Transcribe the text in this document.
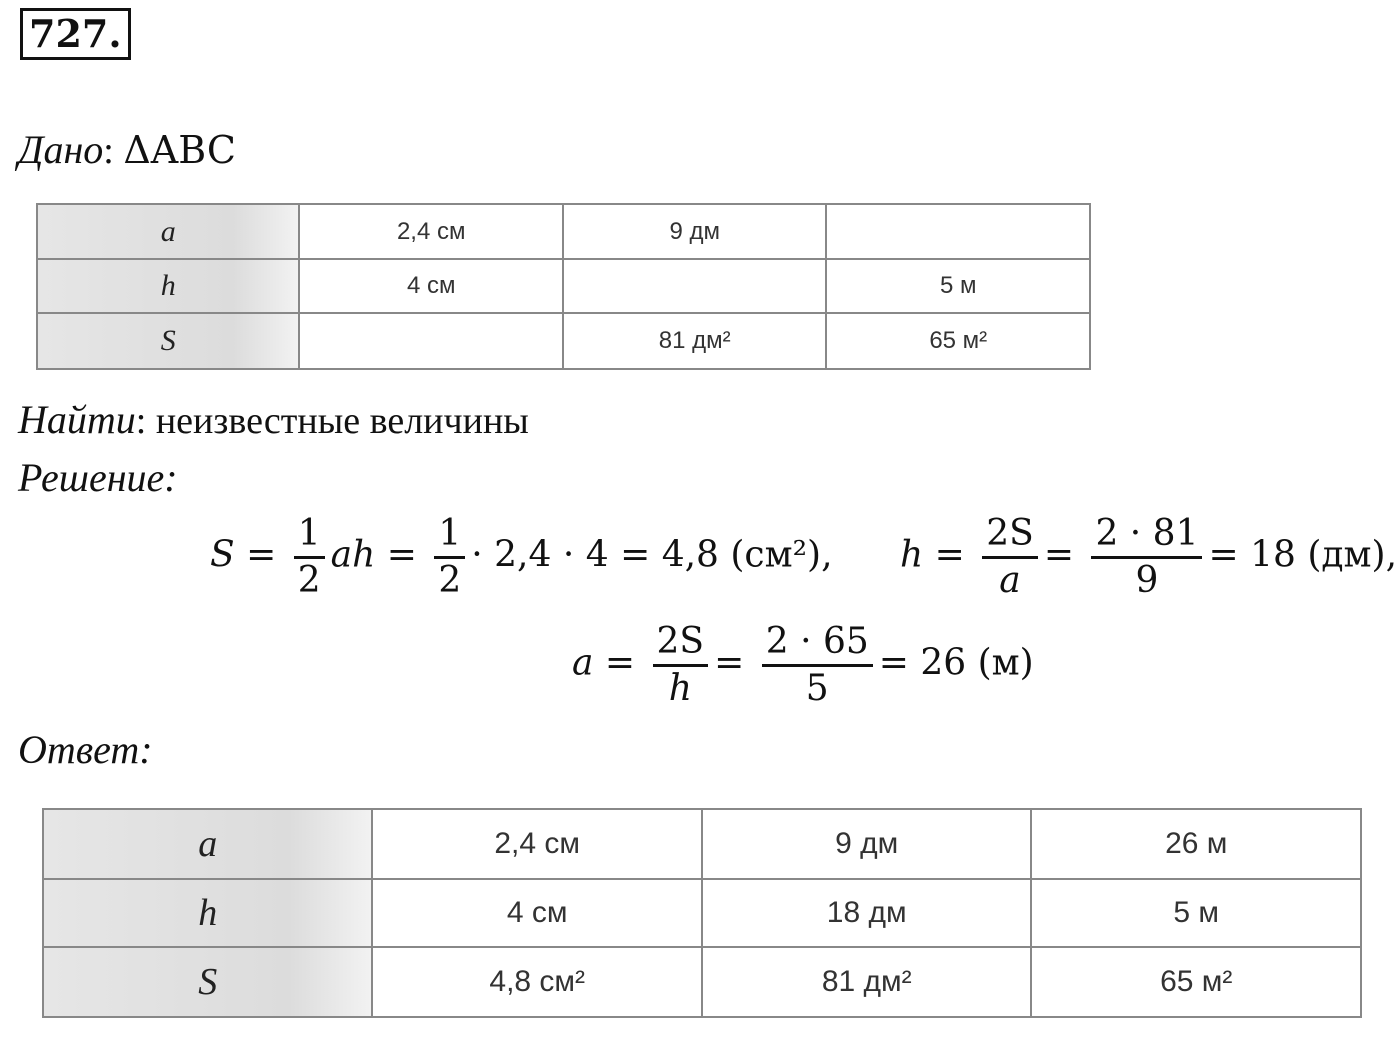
727.
Дано: ΔABC
a	2,4 см	9 дм	
h	4 см		5 м
S		81 дм²	65 м²
Найти: неизвестные величины
Решение:
$S = \frac{1}{2}$ ah = $\frac{1}{2} \cdot 2,4 \cdot 4 = 4,8$ (см²), $h = \frac{2S}{a} = \frac{2 \cdot 81}{9} = 18$ (дм),
$a = \frac{2S}{h} = \frac{2 \cdot 65}{5} = 26$ (м)
Ответ:
a	2,4 см	9 дм	26 м
h	4 см	18 дм	5 м
S	4,8 см²	81 дм²	65 м²
